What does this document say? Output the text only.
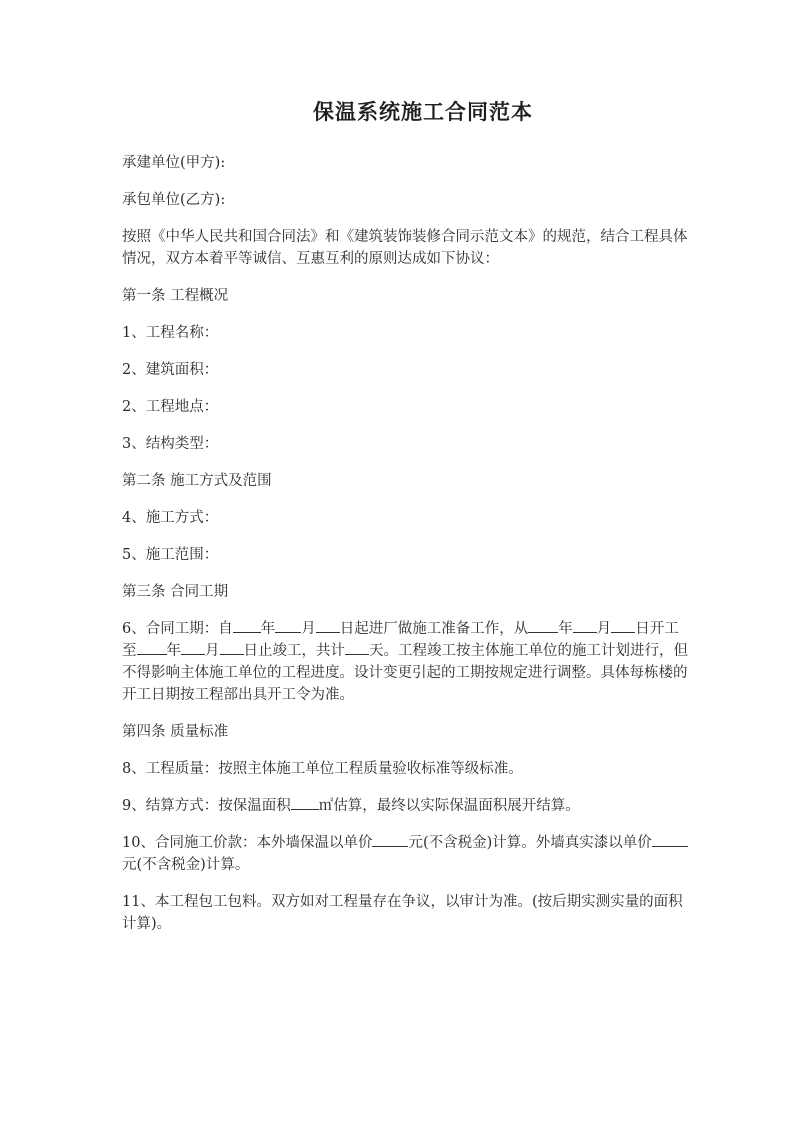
保温系统施工合同范本

承建单位(甲方):

承包单位(乙方):

按照《中华人民共和国合同法》和《建筑装饰装修合同示范文本》的规范，结合工程具体情况，双方本着平等诚信、互惠互利的原则达成如下协议：

第一条 工程概况

1、工程名称：

2、建筑面积：

2、工程地点：

3、结构类型：

第二条 施工方式及范围

4、施工方式：

5、施工范围：

第三条 合同工期

6、合同工期：自 年 月 日起进厂做施工准备工作，从 年 月 日开工至 年 月 日止竣工，共计 天。工程竣工按主体施工单位的施工计划进行，但不得影响主体施工单位的工程进度。设计变更引起的工期按规定进行调整。具体每栋楼的开工日期按工程部出具开工令为准。

第四条 质量标准

8、工程质量：按照主体施工单位工程质量验收标准等级标准。

9、结算方式：按保温面积 ㎡估算，最终以实际保温面积展开结算。

10、合同施工价款：本外墙保温以单价 元(不含税金)计算。外墙真实漆以单价元(不含税金)计算。

11、本工程包工包料。双方如对工程量存在争议，以审计为准。(按后期实测实量的面积计算)。
